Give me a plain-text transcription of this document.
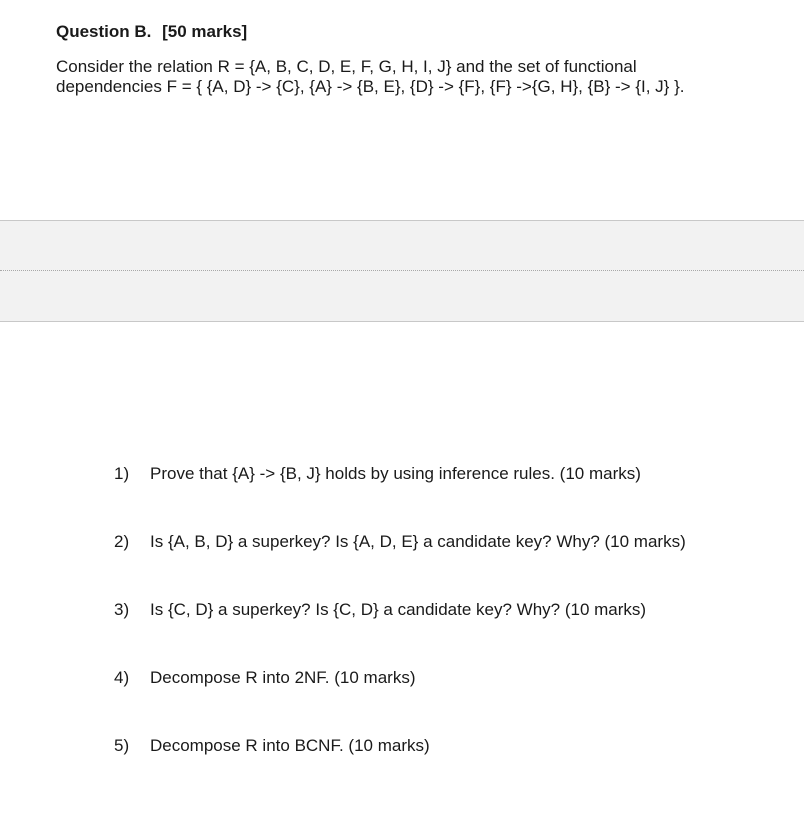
Question B. [50 marks]
Consider the relation R = {A, B, C, D, E, F, G, H, I, J} and the set of functional
dependencies F = { {A, D} -> {C}, {A} -> {B, E}, {D} -> {F}, {F} ->{G, H}, {B} -> {I, J} }.
1)	Prove that {A} -> {B, J} holds by using inference rules. (10 marks)
2)	Is {A, B, D} a superkey? Is {A, D, E} a candidate key? Why? (10 marks)
3)	Is {C, D} a superkey? Is {C, D} a candidate key? Why? (10 marks)
4)	Decompose R into 2NF. (10 marks)
5)	Decompose R into BCNF. (10 marks)
